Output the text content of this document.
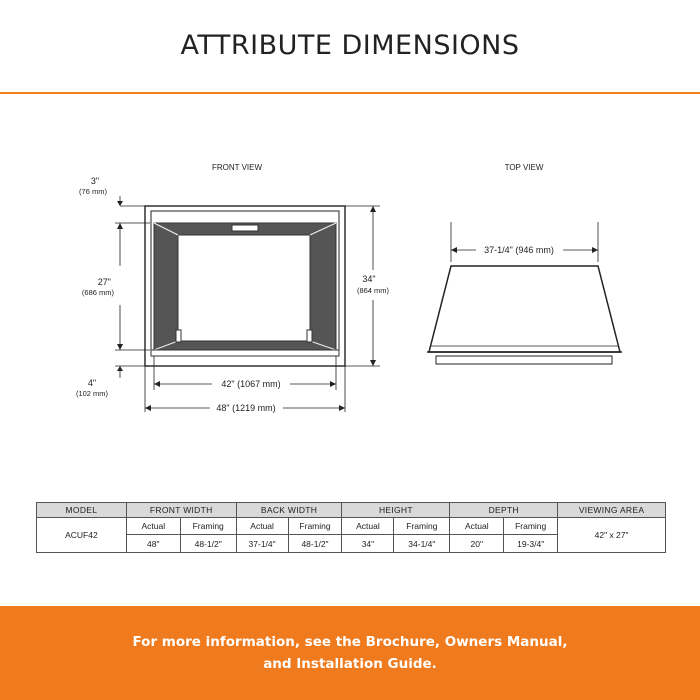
ATTRIBUTE DIMENSIONS
FRONT VIEW	TOP VIEW
3"
(76 mm)
27"
(686 mm)
4"
(102 mm)
34"
(864 mm)
42" (1067 mm)
48" (1219 mm)
37-1/4" (946 mm)
MODEL	FRONT WIDTH		BACK WIDTH		HEIGHT		DEPTH		VIEWING AREA
ACUF42	Actual	Framing	Actual	Framing	Actual	Framing	Actual	Framing	42" x 27"
	48"	48-1/2"	37-1/4"	48-1/2"	34"	34-1/4"	20"	19-3/4"	
For more information, see the Brochure, Owners Manual, and Installation Guide.
